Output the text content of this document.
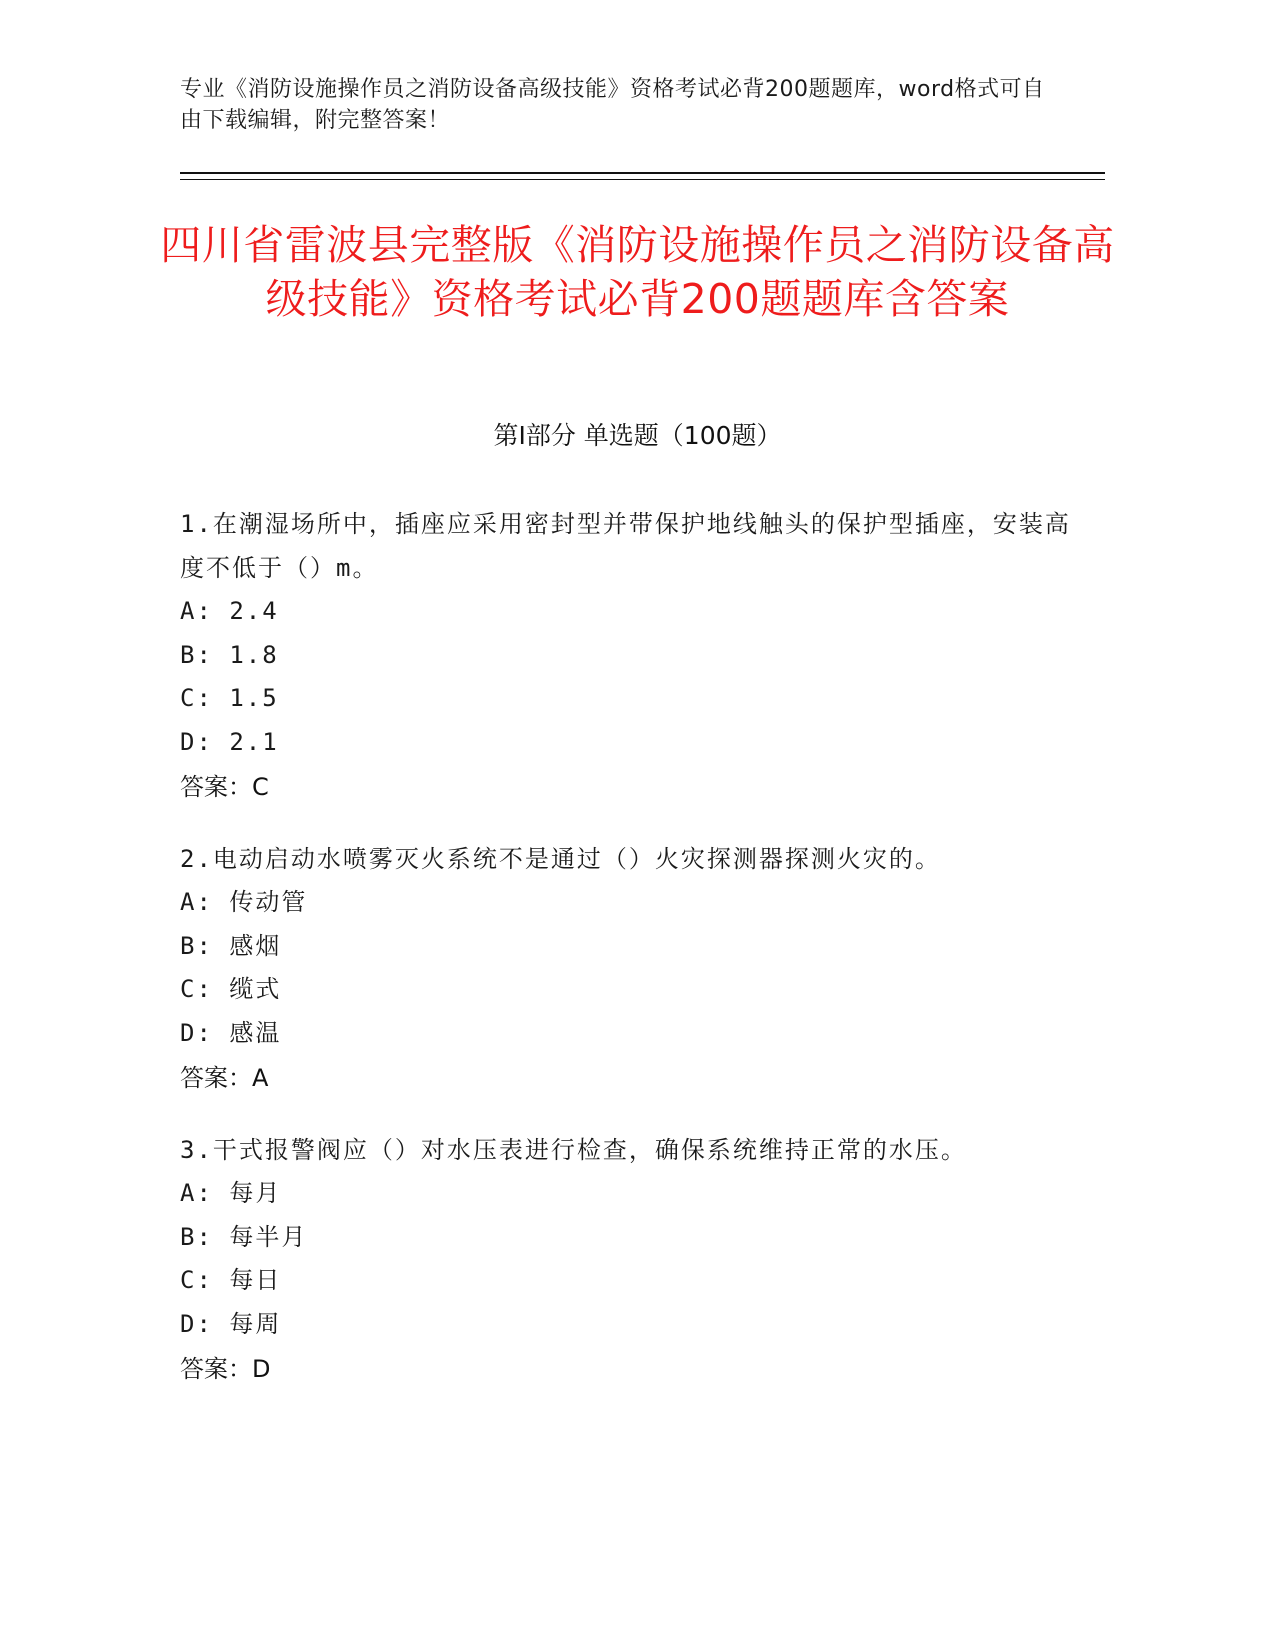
专业《消防设施操作员之消防设备高级技能》资格考试必背200题题库，word格式可自由下载编辑，附完整答案！
四川省雷波县完整版《消防设施操作员之消防设备高级技能》资格考试必背200题题库含答案
第Ⅰ部分 单选题（100题）

1.在潮湿场所中，插座应采用密封型并带保护地线触头的保护型插座，安装高度不低于（）m。

A: 2.4
B: 1.8
C: 1.5
D: 2.1
答案：C

2.电动启动水喷雾灭火系统不是通过（）火灾探测器探测火灾的。

A: 传动管
B: 感烟
C: 缆式
D: 感温
答案：A

3.干式报警阀应（）对水压表进行检查，确保系统维持正常的水压。

A: 每月
B: 每半月
C: 每日
D: 每周
答案：D
